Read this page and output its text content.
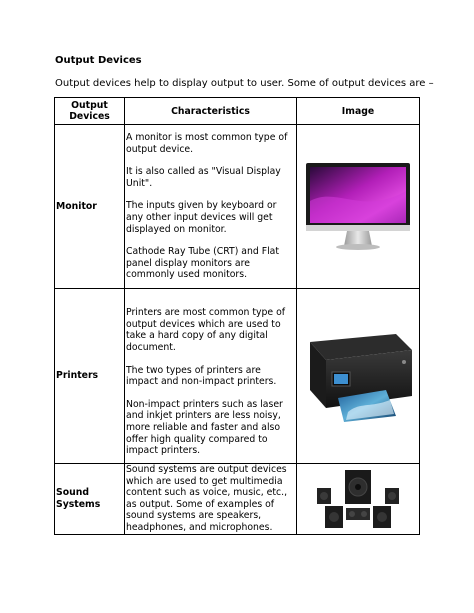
Output Devices
Output devices help to display output to user. Some of output devices are –
Output Devices	Characteristics	Image
Monitor	A monitor is most common type of output device.

It is also called as "Visual Display Unit".

The inputs given by keyboard or any other input devices will get displayed on monitor.

Cathode Ray Tube (CRT) and Flat panel display monitors are commonly used monitors.

Printers	Printers are most common type of output devices which are used to take a hard copy of any digital document.

The two types of printers are impact and non-impact printers.

Non-impact printers such as laser and inkjet printers are less noisy, more reliable and faster and also offer high quality compared to impact printers.

Sound Systems	Sound systems are output devices which are used to get multimedia content such as voice, music, etc., as output. Some of examples of sound systems are speakers, headphones, and microphones.
